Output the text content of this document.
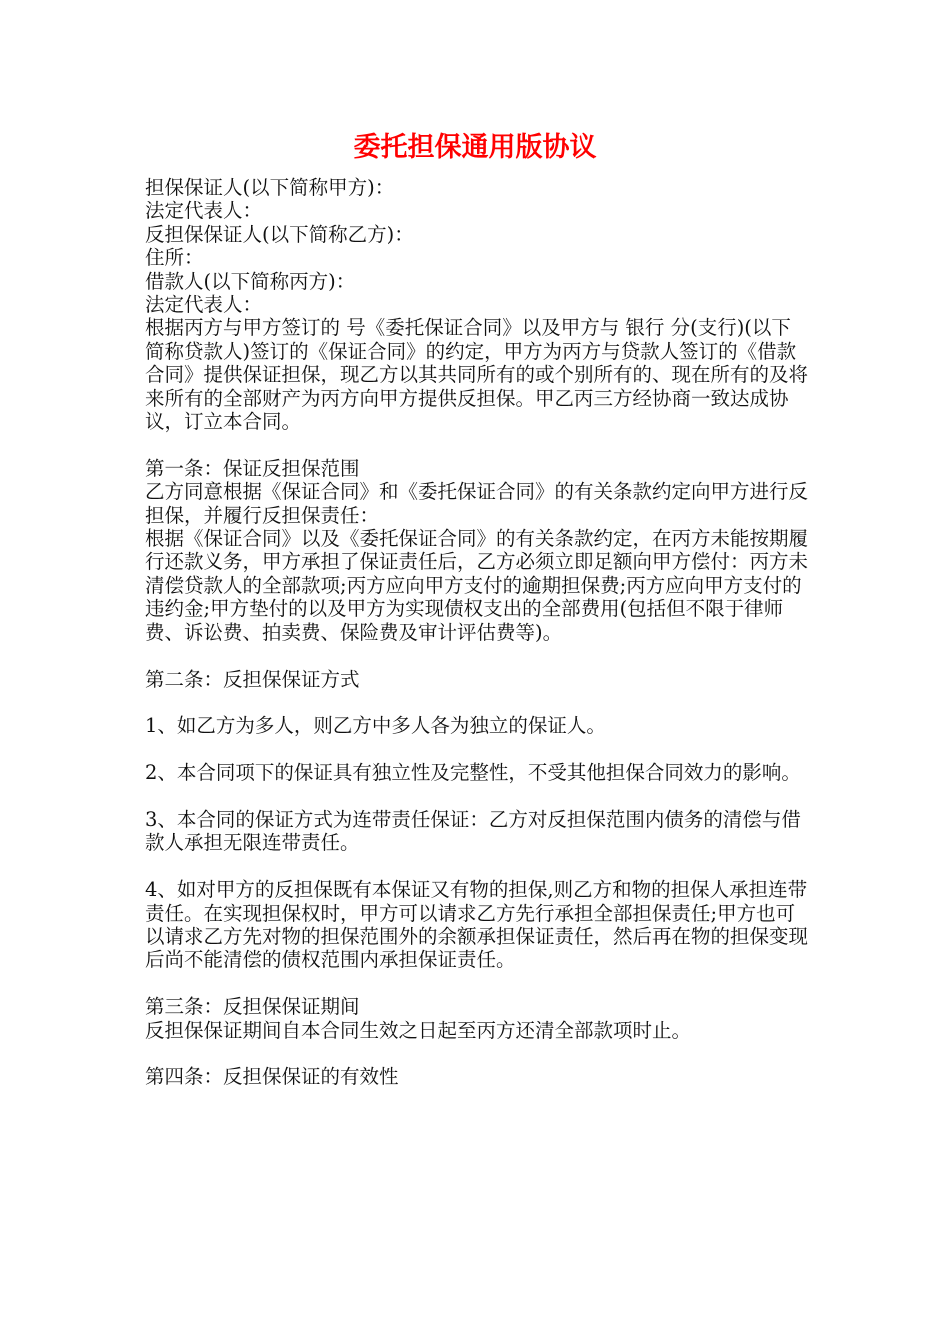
委托担保通用版协议

担保保证人(以下简称甲方)：

法定代表人：

反担保保证人(以下简称乙方)：

住所：

借款人(以下简称丙方)：

法定代表人：

根据丙方与甲方签订的 号《委托保证合同》以及甲方与 银行 分(支行)(以下简称贷款人)签订的《保证合同》的约定，甲方为丙方与贷款人签订的《借款合同》提供保证担保，现乙方以其共同所有的或个别所有的、现在所有的及将来所有的全部财产为丙方向甲方提供反担保。甲乙丙三方经协商一致达成协议，订立本合同。

第一条：保证反担保范围

乙方同意根据《保证合同》和《委托保证合同》的有关条款约定向甲方进行反担保，并履行反担保责任：

根据《保证合同》以及《委托保证合同》的有关条款约定，在丙方未能按期履行还款义务，甲方承担了保证责任后，乙方必须立即足额向甲方偿付：丙方未清偿贷款人的全部款项;丙方应向甲方支付的逾期担保费;丙方应向甲方支付的违约金;甲方垫付的以及甲方为实现债权支出的全部费用(包括但不限于律师费、诉讼费、拍卖费、保险费及审计评估费等)。

第二条：反担保保证方式

1、如乙方为多人，则乙方中多人各为独立的保证人。

2、本合同项下的保证具有独立性及完整性，不受其他担保合同效力的影响。

3、本合同的保证方式为连带责任保证：乙方对反担保范围内债务的清偿与借款人承担无限连带责任。

4、如对甲方的反担保既有本保证又有物的担保,则乙方和物的担保人承担连带责任。在实现担保权时，甲方可以请求乙方先行承担全部担保责任;甲方也可以请求乙方先对物的担保范围外的余额承担保证责任，然后再在物的担保变现后尚不能清偿的债权范围内承担保证责任。

第三条：反担保保证期间

反担保保证期间自本合同生效之日起至丙方还清全部款项时止。

第四条：反担保保证的有效性
